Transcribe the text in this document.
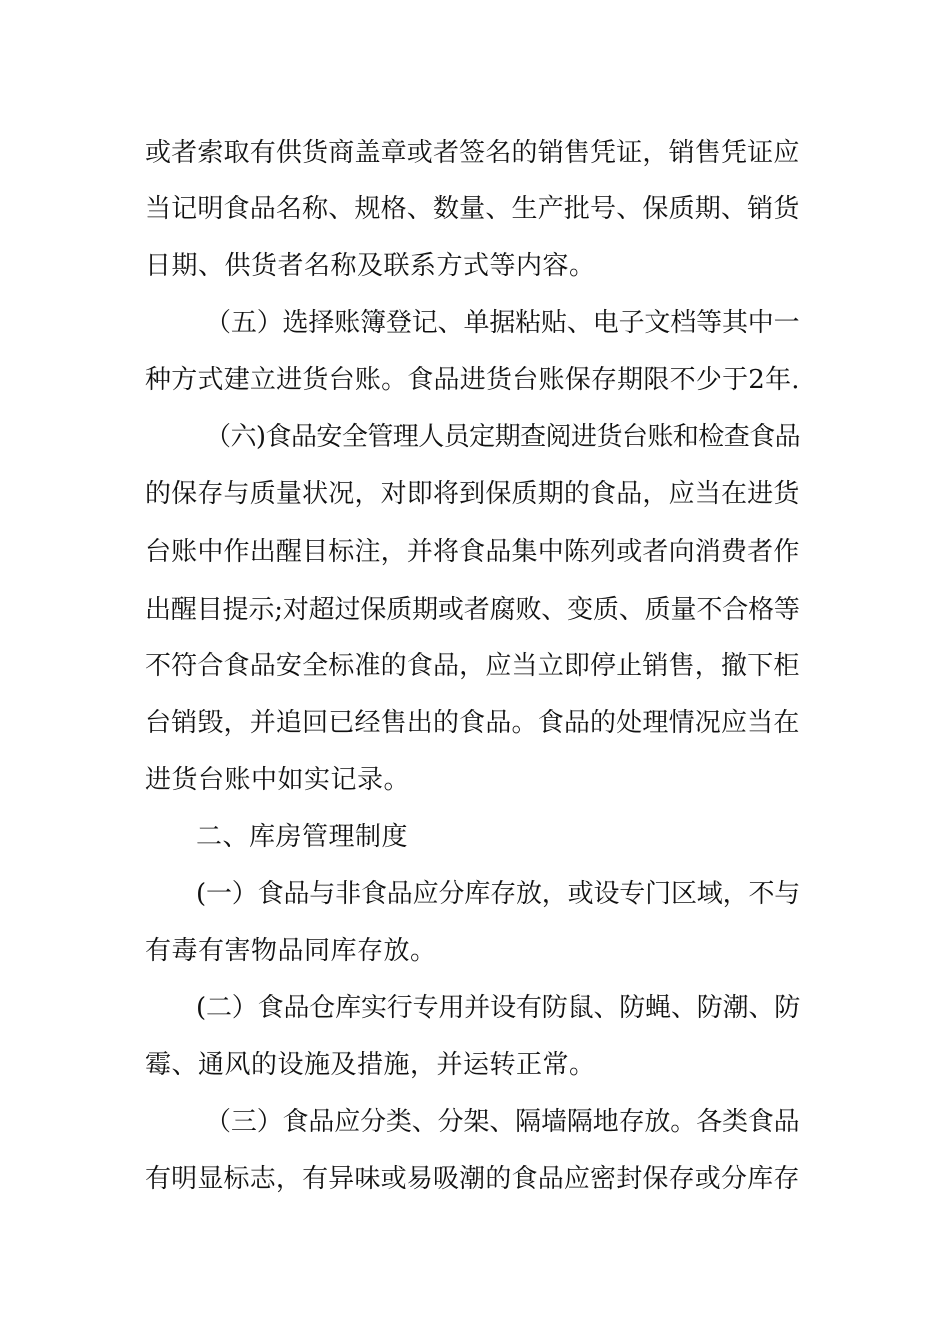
或者索取有供货商盖章或者签名的销售凭证，销售凭证应
当记明食品名称、规格、数量、生产批号、保质期、销货
日期、供货者名称及联系方式等内容。
（五）选择账簿登记、单据粘贴、电子文档等其中一
种方式建立进货台账。食品进货台账保存期限不少于2年.
（六)食品安全管理人员定期查阅进货台账和检查食品
的保存与质量状况，对即将到保质期的食品，应当在进货
台账中作出醒目标注，并将食品集中陈列或者向消费者作
出醒目提示;对超过保质期或者腐败、变质、质量不合格等
不符合食品安全标准的食品，应当立即停止销售，撤下柜
台销毁，并追回已经售出的食品。食品的处理情况应当在
进货台账中如实记录。
二、库房管理制度
(一）食品与非食品应分库存放，或设专门区域，不与
有毒有害物品同库存放。
(二）食品仓库实行专用并设有防鼠、防蝇、防潮、防
霉、通风的设施及措施，并运转正常。
（三）食品应分类、分架、隔墙隔地存放。各类食品
有明显标志，有异味或易吸潮的食品应密封保存或分库存
